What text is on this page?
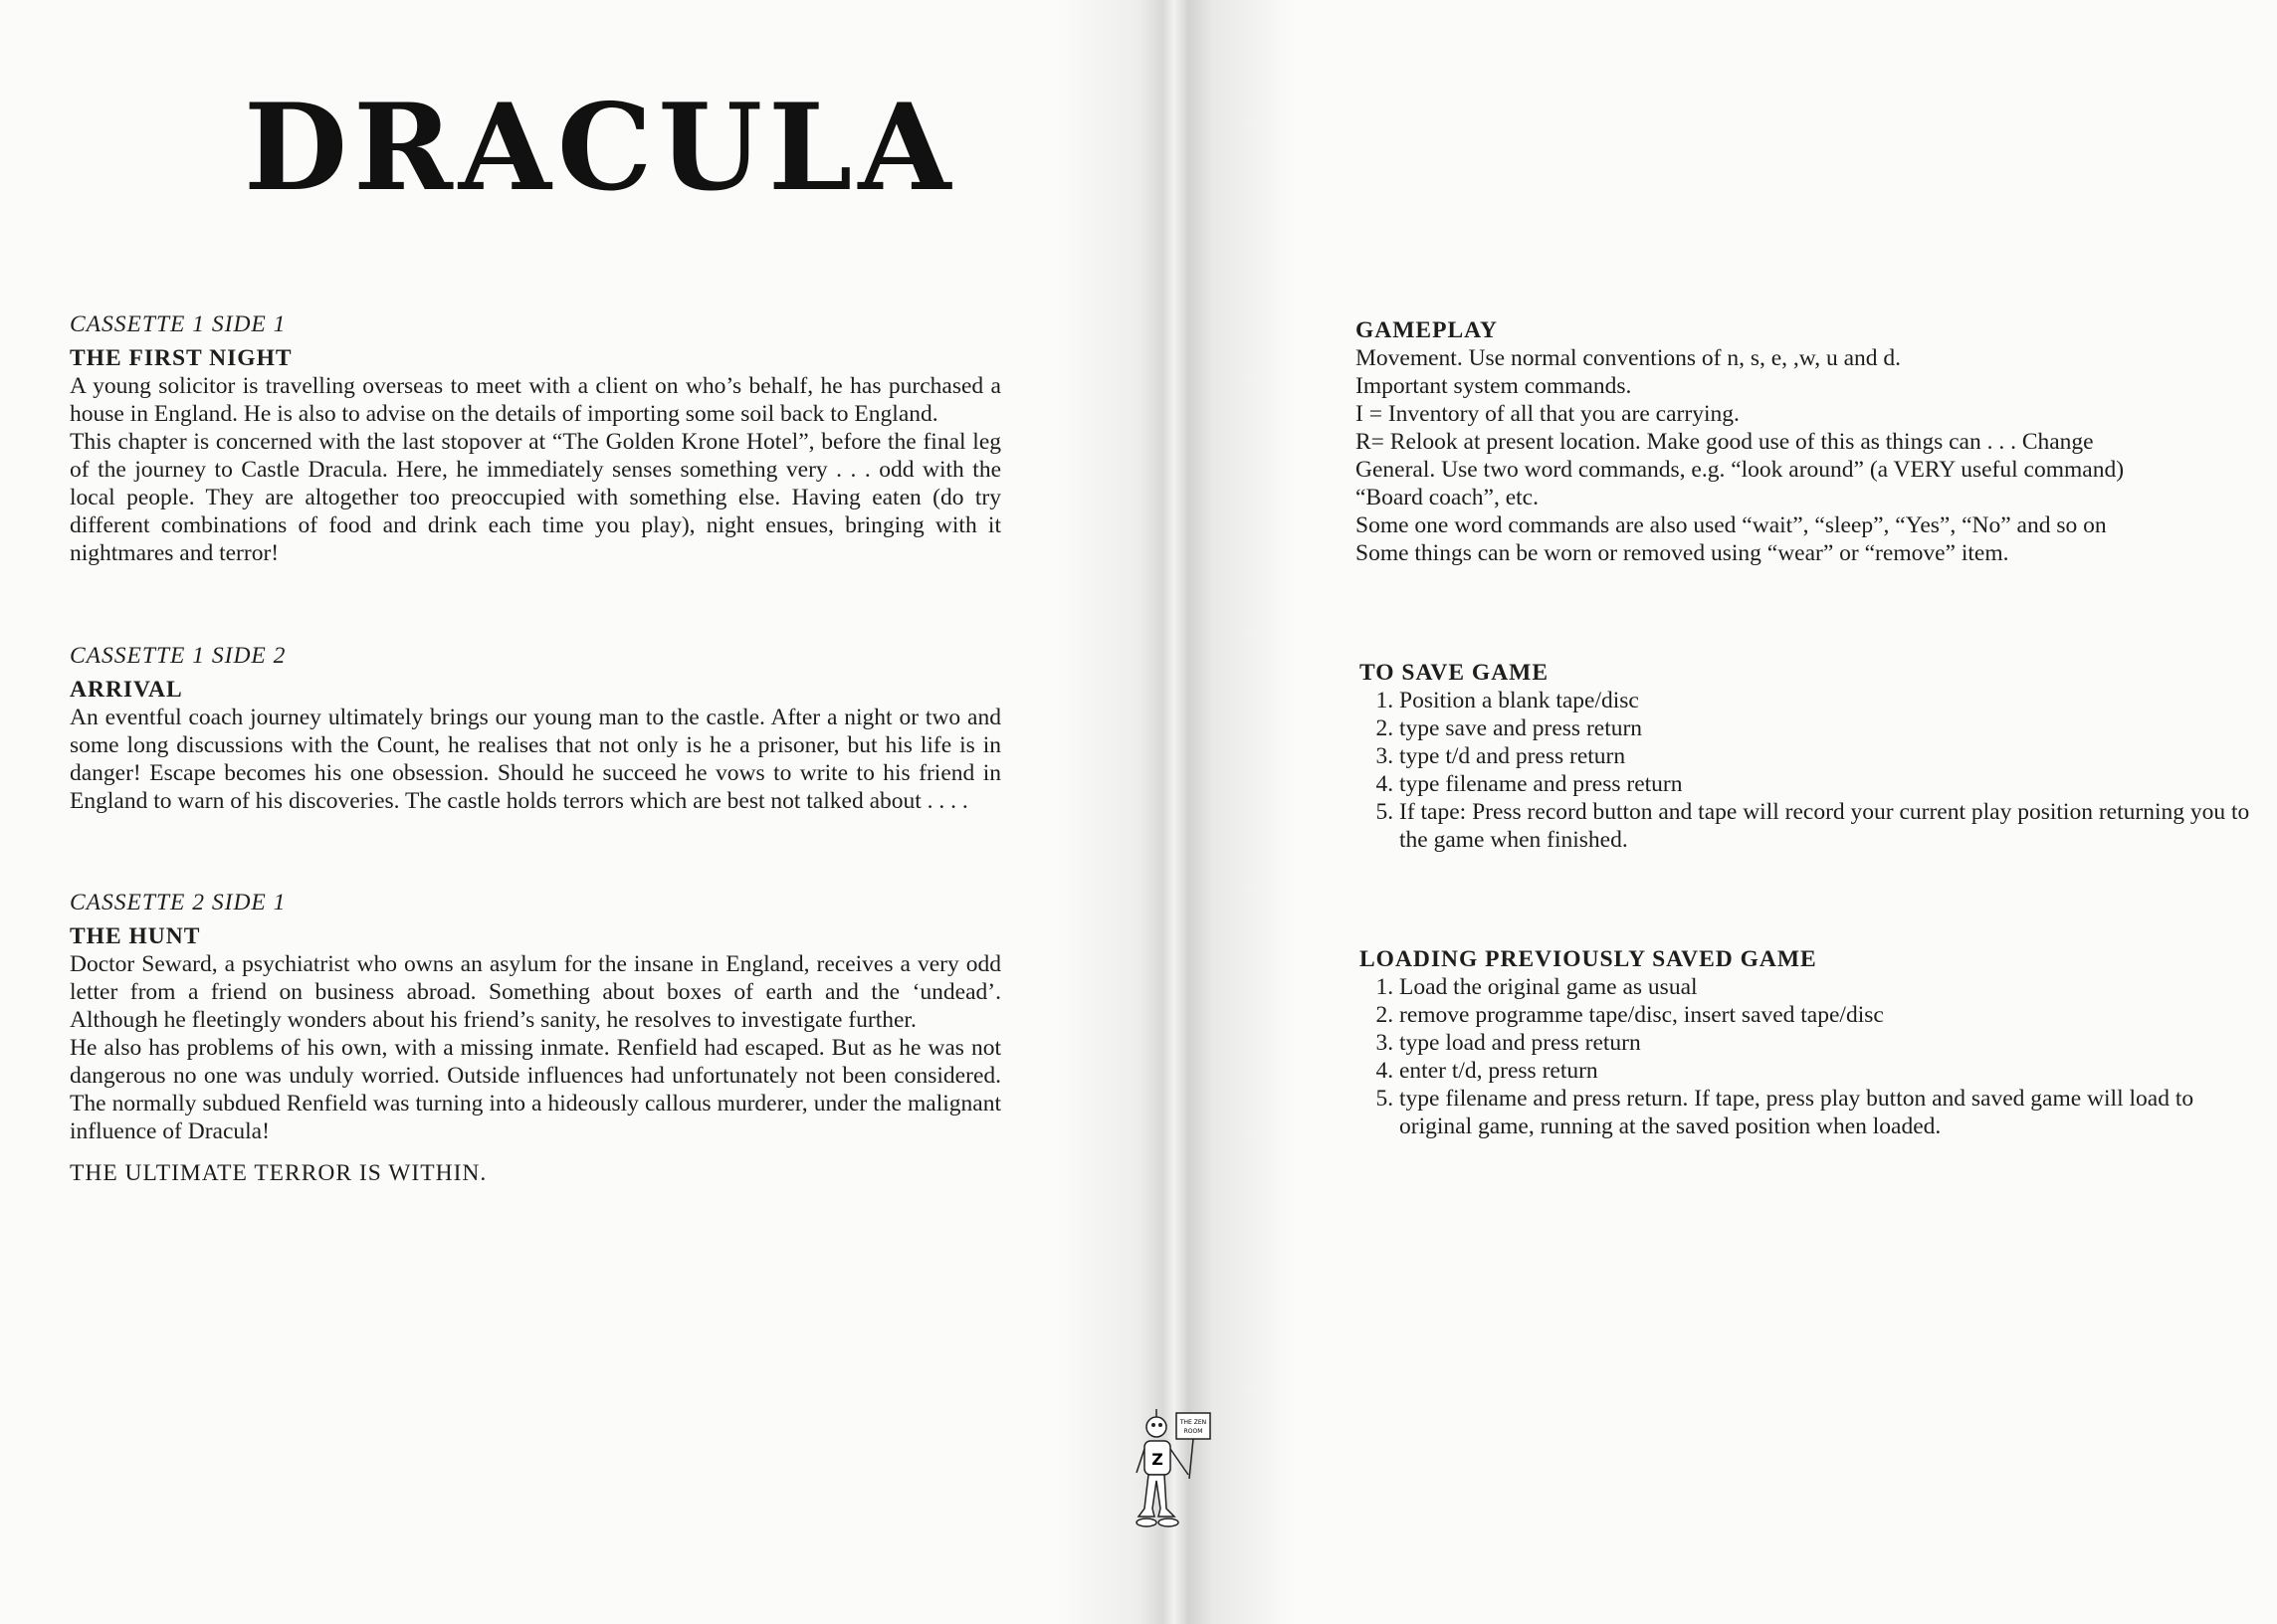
DRACULA

CASSETTE 1 SIDE 1

THE FIRST NIGHT

A young solicitor is travelling overseas to meet with a client on who’s behalf, he has purchased a house in England. He is also to advise on the details of importing some soil back to England.

This chapter is concerned with the last stopover at “The Golden Krone Hotel”, before the final leg of the journey to Castle Dracula. Here, he immediately senses something very . . . odd with the local people. They are altogether too preoccupied with something else. Having eaten (do try different combinations of food and drink each time you play), night ensues, bringing with it nightmares and terror!

CASSETTE 1 SIDE 2

ARRIVAL

An eventful coach journey ultimately brings our young man to the castle. After a night or two and some long discussions with the Count, he realises that not only is he a prisoner, but his life is in danger! Escape becomes his one obsession. Should he succeed he vows to write to his friend in England to warn of his discoveries. The castle holds terrors which are best not talked about . . . .

CASSETTE 2 SIDE 1

THE HUNT

Doctor Seward, a psychiatrist who owns an asylum for the insane in England, receives a very odd letter from a friend on business abroad. Something about boxes of earth and the ‘undead’. Although he fleetingly wonders about his friend’s sanity, he resolves to investigate further.

He also has problems of his own, with a missing inmate. Renfield had escaped. But as he was not dangerous no one was unduly worried. Outside influences had unfortunately not been considered. The normally subdued Renfield was turning into a hideously callous murderer, under the malignant influence of Dracula!

THE ULTIMATE TERROR IS WITHIN.

GAMEPLAY

Movement. Use normal conventions of n, s, e, ,w, u and d.

Important system commands.

I = Inventory of all that you are carrying.

R= Relook at present location. Make good use of this as things can . . . Change

General. Use two word commands, e.g. “look around” (a VERY useful command)

“Board coach”, etc.

Some one word commands are also used “wait”, “sleep”, “Yes”, “No” and so on

Some things can be worn or removed using “wear” or “remove” item.

TO SAVE GAME

1. Position a blank tape/disc
2. type save and press return
3. type t/d and press return
4. type filename and press return
5. If tape: Press record button and tape will record your current play position returning you to the game when finished.

LOADING PREVIOUSLY SAVED GAME

1. Load the original game as usual
2. remove programme tape/disc, insert saved tape/disc
3. type load and press return
4. enter t/d, press return
5. type filename and press return. If tape, press play button and saved game will load to original game, running at the saved position when loaded.
THE ZEN
ROOM
Z
